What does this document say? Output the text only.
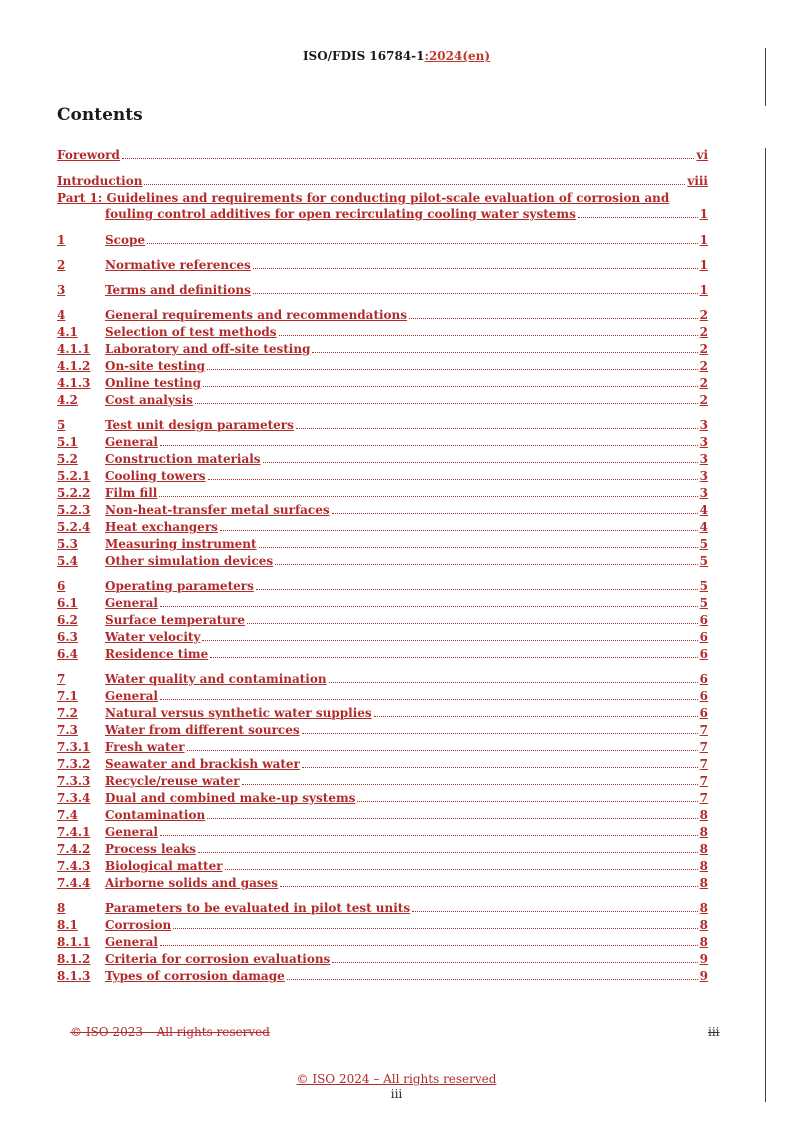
ISO/FDIS 16784-1:2024(en)
Contents
Foreword	vi
Introduction	viii
Part 1: Guidelines and requirements for conducting pilot-scale evaluation of corrosion and
fouling control additives for open recirculating cooling water systems	1
1	Scope	1
2	Normative references	1
3	Terms and definitions	1
4	General requirements and recommendations	2
4.1	Selection of test methods	2
4.1.1	Laboratory and off-site testing	2
4.1.2	On-site testing	2
4.1.3	Online testing	2
4.2	Cost analysis	2
5	Test unit design parameters	3
5.1	General	3
5.2	Construction materials	3
5.2.1	Cooling towers	3
5.2.2	Film fill	3
5.2.3	Non-heat-transfer metal surfaces	4
5.2.4	Heat exchangers	4
5.3	Measuring instrument	5
5.4	Other simulation devices	5
6	Operating parameters	5
6.1	General	5
6.2	Surface temperature	6
6.3	Water velocity	6
6.4	Residence time	6
7	Water quality and contamination	6
7.1	General	6
7.2	Natural versus synthetic water supplies	6
7.3	Water from different sources	7
7.3.1	Fresh water	7
7.3.2	Seawater and brackish water	7
7.3.3	Recycle/reuse water	7
7.3.4	Dual and combined make-up systems	7
7.4	Contamination	8
7.4.1	General	8
7.4.2	Process leaks	8
7.4.3	Biological matter	8
7.4.4	Airborne solids and gases	8
8	Parameters to be evaluated in pilot test units	8
8.1	Corrosion	8
8.1.1	General	8
8.1.2	Criteria for corrosion evaluations	9
8.1.3	Types of corrosion damage	9
© ISO 2023 – All rights reserved	iii
© ISO 2024 – All rights reserved
iii
